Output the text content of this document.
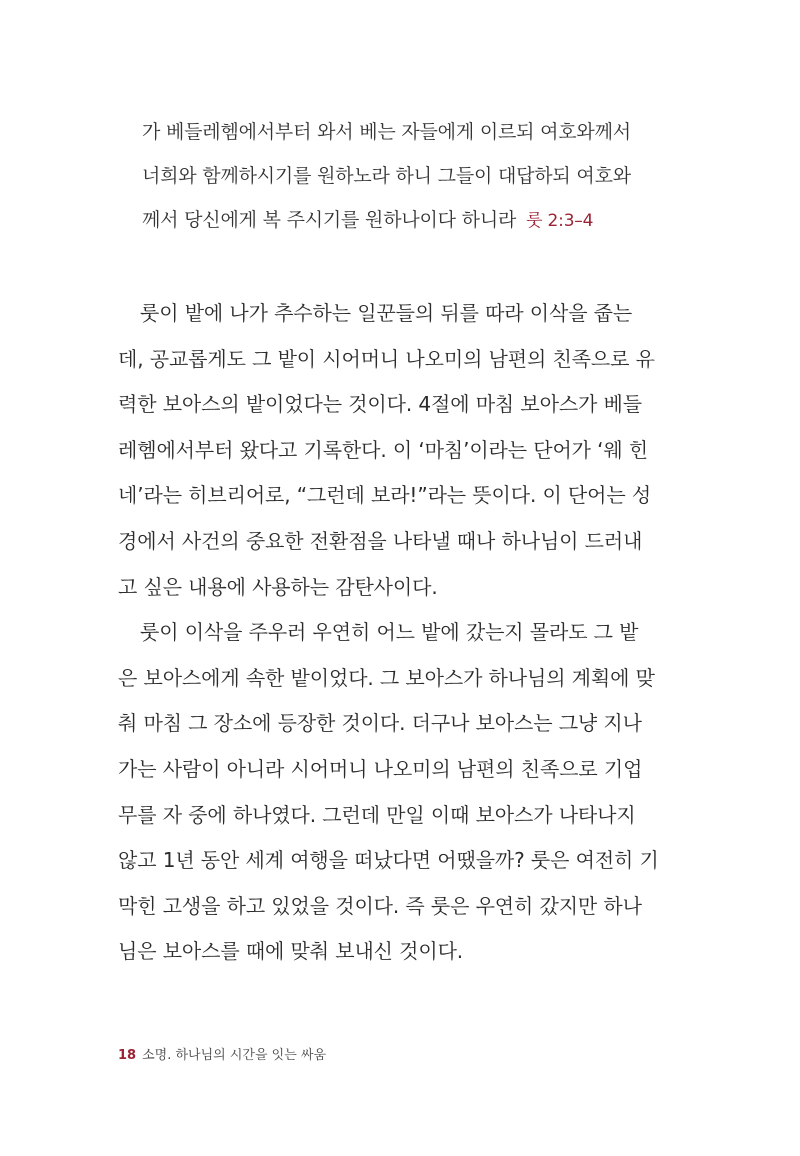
가 베들레헴에서부터 와서 베는 자들에게 이르되 여호와께서
너희와 함께하시기를 원하노라 하니 그들이 대답하되 여호와
께서 당신에게 복 주시기를 원하나이다 하니라 룻 2:3–4
룻이 밭에 나가 추수하는 일꾼들의 뒤를 따라 이삭을 줍는
데, 공교롭게도 그 밭이 시어머니 나오미의 남편의 친족으로 유
력한 보아스의 밭이었다는 것이다. 4절에 마침 보아스가 베들
레헴에서부터 왔다고 기록한다. 이 ‘마침’이라는 단어가 ‘웨 힌
네’라는 히브리어로, “그런데 보라!”라는 뜻이다. 이 단어는 성
경에서 사건의 중요한 전환점을 나타낼 때나 하나님이 드러내
고 싶은 내용에 사용하는 감탄사이다.
룻이 이삭을 주우러 우연히 어느 밭에 갔는지 몰라도 그 밭
은 보아스에게 속한 밭이었다. 그 보아스가 하나님의 계획에 맞
춰 마침 그 장소에 등장한 것이다. 더구나 보아스는 그냥 지나
가는 사람이 아니라 시어머니 나오미의 남편의 친족으로 기업
무를 자 중에 하나였다. 그런데 만일 이때 보아스가 나타나지
않고 1년 동안 세계 여행을 떠났다면 어땠을까? 룻은 여전히 기
막힌 고생을 하고 있었을 것이다. 즉 룻은 우연히 갔지만 하나
님은 보아스를 때에 맞춰 보내신 것이다.
18 소명. 하나님의 시간을 잇는 싸움
